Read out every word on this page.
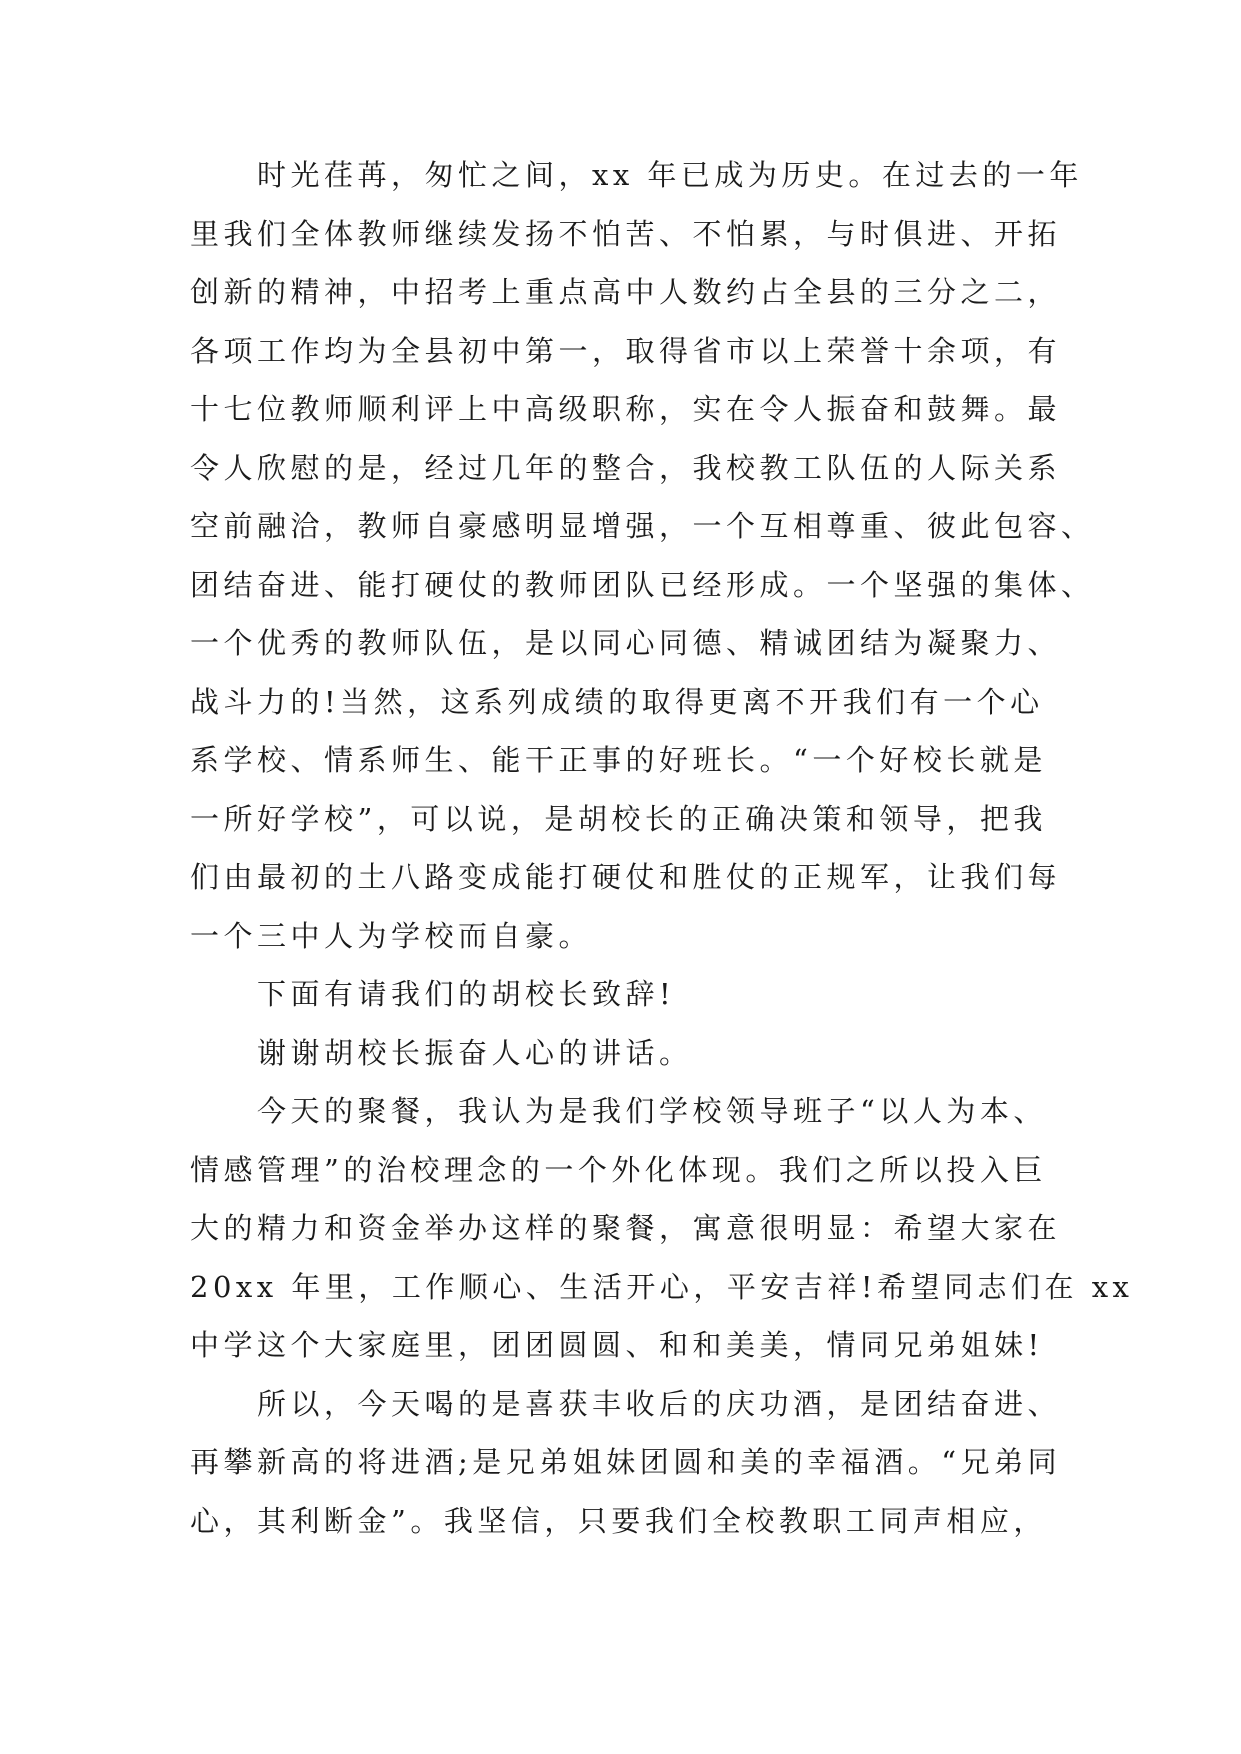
时光荏苒，匆忙之间，xx 年已成为历史。在过去的一年
里我们全体教师继续发扬不怕苦、不怕累，与时俱进、开拓
创新的精神，中招考上重点高中人数约占全县的三分之二，
各项工作均为全县初中第一，取得省市以上荣誉十余项，有
十七位教师顺利评上中高级职称，实在令人振奋和鼓舞。最
令人欣慰的是，经过几年的整合，我校教工队伍的人际关系
空前融洽，教师自豪感明显增强，一个互相尊重、彼此包容、
团结奋进、能打硬仗的教师团队已经形成。一个坚强的集体、
一个优秀的教师队伍，是以同心同德、精诚团结为凝聚力、
战斗力的!当然，这系列成绩的取得更离不开我们有一个心
系学校、情系师生、能干正事的好班长。“一个好校长就是
一所好学校”，可以说，是胡校长的正确决策和领导，把我
们由最初的土八路变成能打硬仗和胜仗的正规军，让我们每
一个三中人为学校而自豪。
下面有请我们的胡校长致辞!
谢谢胡校长振奋人心的讲话。
今天的聚餐，我认为是我们学校领导班子“以人为本、
情感管理”的治校理念的一个外化体现。我们之所以投入巨
大的精力和资金举办这样的聚餐，寓意很明显：希望大家在
20xx 年里，工作顺心、生活开心，平安吉祥!希望同志们在 xx
中学这个大家庭里，团团圆圆、和和美美，情同兄弟姐妹!
所以，今天喝的是喜获丰收后的庆功酒，是团结奋进、
再攀新高的将进酒;是兄弟姐妹团圆和美的幸福酒。“兄弟同
心，其利断金”。我坚信，只要我们全校教职工同声相应，
